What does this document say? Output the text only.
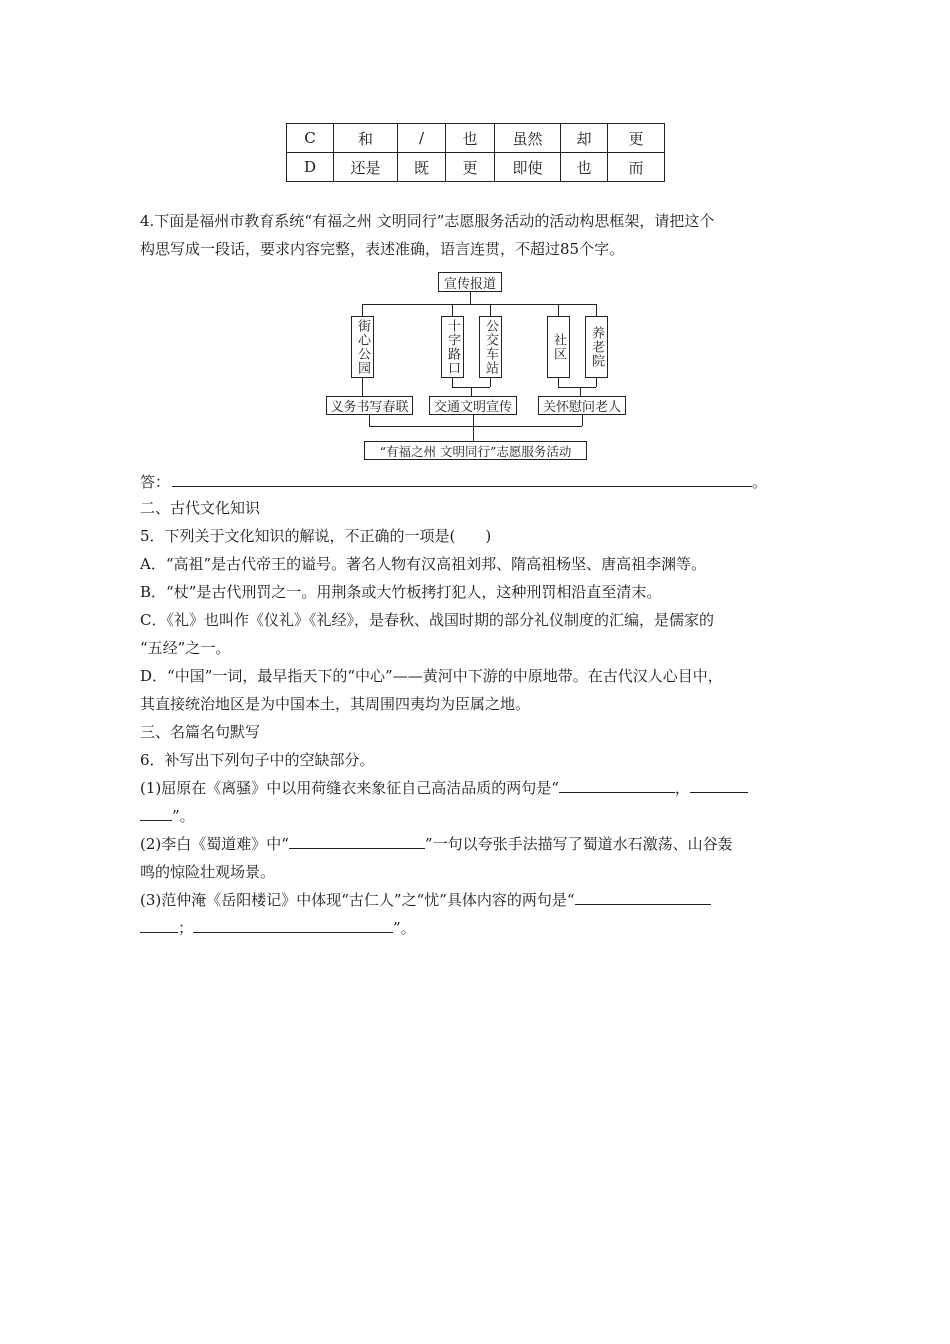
C	和	/	也	虽然	却	更
D	还是	既	更	即使	也	而
4.下面是福州市教育系统“有福之州 文明同行”志愿服务活动的活动构思框架，请把这个
构思写成一段话，要求内容完整，表述准确，语言连贯，不超过85个字。
宣传报道
街心公园	十字路口	公交车站	社区	养老院
义务书写春联	交通文明宣传	关怀慰问老人
“有福之州 文明同行”志愿服务活动
答：	。
二、古代文化知识
5．下列关于文化知识的解说，不正确的一项是(　　)
A．“高祖”是古代帝王的谥号。著名人物有汉高祖刘邦、隋高祖杨坚、唐高祖李渊等。
B．“杖”是古代刑罚之一。用荆条或大竹板拷打犯人，这种刑罚相沿直至清末。
C．《礼》也叫作《仪礼》《礼经》，是春秋、战国时期的部分礼仪制度的汇编，是儒家的
“五经”之一。
D．“中国”一词，最早指天下的“中心”——黄河中下游的中原地带。在古代汉人心目中，
其直接统治地区是为中国本土，其周围四夷均为臣属之地。
三、名篇名句默写
6．补写出下列句子中的空缺部分。
(1)屈原在《离骚》中以用荷缝衣来象征自己高洁品质的两句是“	，
”。
(2)李白《蜀道难》中“	”一句以夸张手法描写了蜀道水石激荡、山谷轰
鸣的惊险壮观场景。
(3)范仲淹《岳阳楼记》中体现“古仁人”之“忧”具体内容的两句是“
；	”。
